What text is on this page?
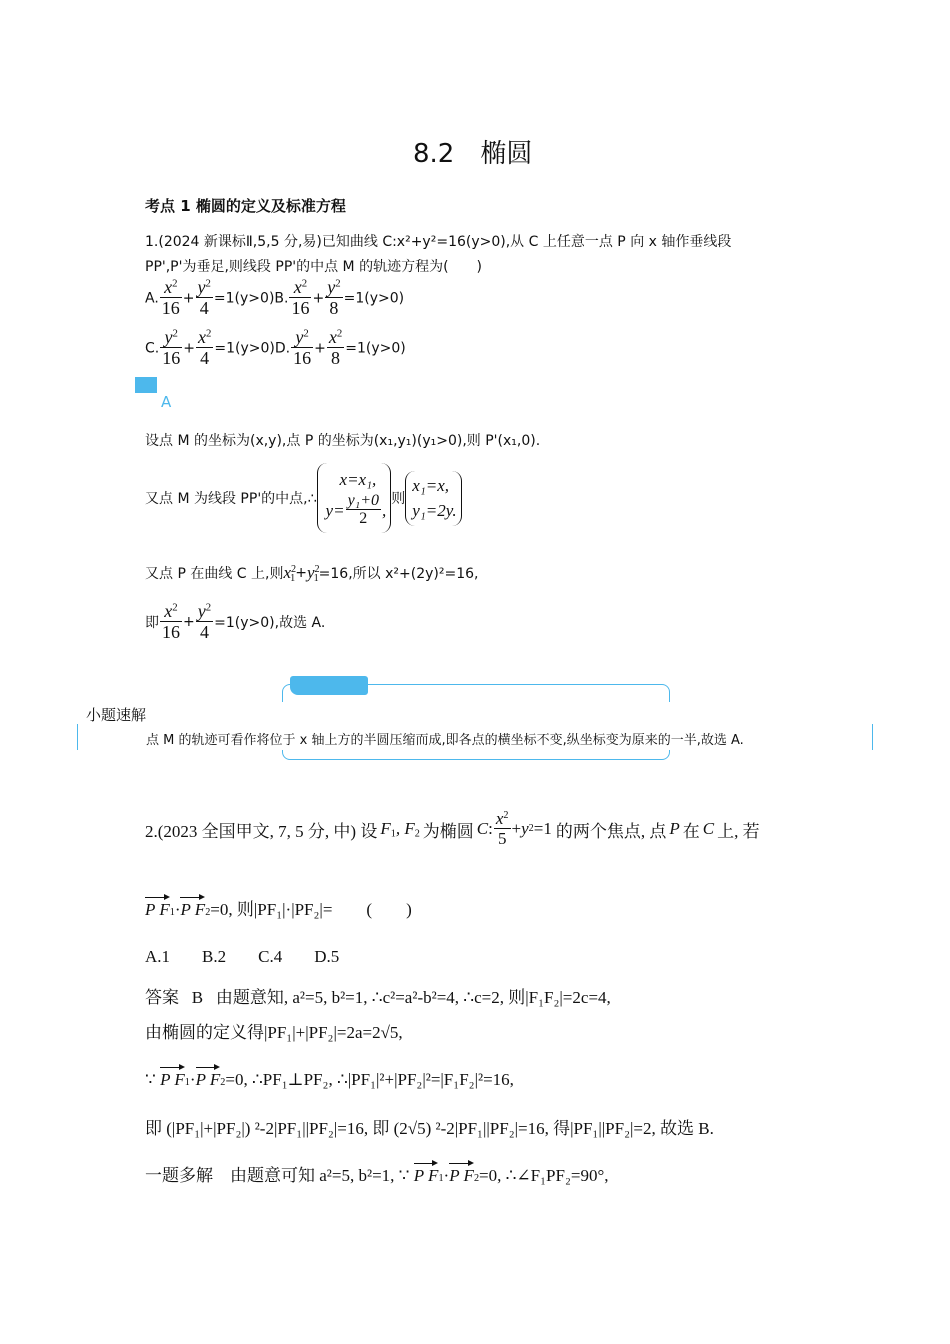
8.2　椭圆
考点 1 椭圆的定义及标准方程
1.(2024 新课标Ⅱ,5,5 分,易)已知曲线 C:x²+y²=16(y>0),从 C 上任意一点 P 向 x 轴作垂线段
PP',P'为垂足,则线段 PP'的中点 M 的轨迹方程为(　　)
A. $\frac{x^2}{16} + \frac{y^2}{4} =1(y>0)B$. $\frac{x^2}{16} + \frac{y^2}{8} =1(y>0)$
C. $\frac{y^2}{16} + \frac{x^2}{4} =1(y>0)D$. $\frac{y^2}{16} + \frac{x^2}{8} =1(y>0)$
A
设点 M 的坐标为(x,y),点 P 的坐标为(x₁,y₁)(y₁>0),则 P'(x₁,0).
又点 M 为线段 PP'的中点,∴
x=x₁,
$y= \frac{\text{y₁+0}}{2}$ ,
则
x₁=x,
y₁=2y.
又点 P 在曲线 C 上,则 $x^2_1 + y^2_1 =16$,所以 x²+(2y)²=16,
即 $\frac{x^2}{16} + \frac{y^2}{4} =1(y>0)$,故选 A.
小题速解
点 M 的轨迹可看作将位于 x 轴上方的半圆压缩而成,即各点的横坐标不变,纵坐标变为原来的一半,故选 A.
2.(2023 全国甲文, 7, 5 分, 中) 设 $F_1$, $F_2$ 为椭圆 C : $\frac{x^2}{5} + y$ 2 =1 的两个焦点, 点 P 在 C 上, 若
P F 1 · P F 2 =0, 则|PF₁|·|PF₂|=　　(　　)
A.1 B.2 C.4 D.5
答案 B 由题意知, a²=5, b²=1, ∴c²=a²-b²=4, ∴c=2, 则|F₁F₂|=2c=4,
由椭圆的定义得|PF₁|+|PF₂|=2a=2√5,
∵
P F 1 · P F 2 =0, ∴PF₁⊥PF₂, ∴|PF₁|²+|PF₂|²=|F₁F₂|²=16,
即 (|PF₁|+|PF₂|) ²-2|PF₁||PF₂|=16, 即 (2√5) ²-2|PF₁||PF₂|=16, 得|PF₁||PF₂|=2, 故选 B.
一题多解　由题意可知 a²=5, b²=1, ∵
P F 1 · P F 2 =0, ∴∠F₁PF₂=90°,
